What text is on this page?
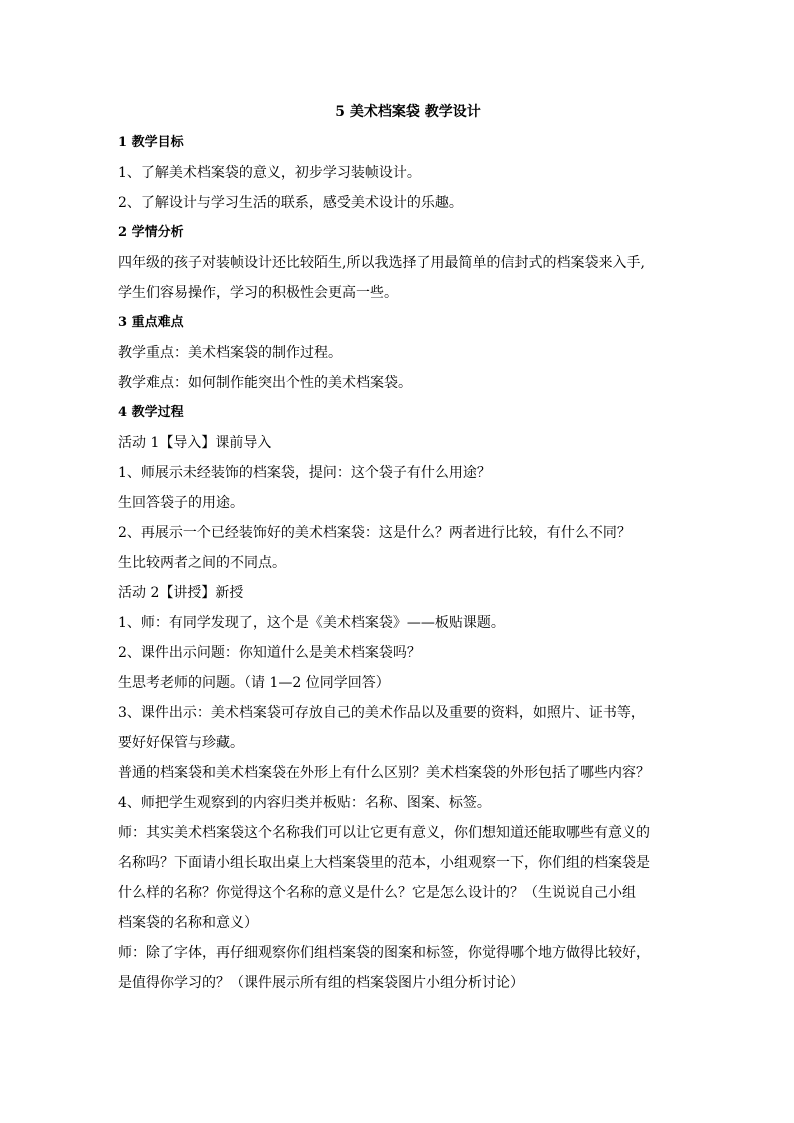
5 美术档案袋 教学设计
1 教学目标
1、了解美术档案袋的意义，初步学习装帧设计。
2、了解设计与学习生活的联系，感受美术设计的乐趣。
2 学情分析
四年级的孩子对装帧设计还比较陌生,所以我选择了用最简单的信封式的档案袋来入手,
学生们容易操作，学习的积极性会更高一些。
3 重点难点
教学重点：美术档案袋的制作过程。
教学难点：如何制作能突出个性的美术档案袋。
4 教学过程
活动 1【导入】课前导入
1、师展示未经装饰的档案袋，提问：这个袋子有什么用途？
生回答袋子的用途。
2、再展示一个已经装饰好的美术档案袋：这是什么？两者进行比较，有什么不同？
生比较两者之间的不同点。
活动 2【讲授】新授
1、师：有同学发现了，这个是《美术档案袋》——板贴课题。
2、课件出示问题：你知道什么是美术档案袋吗？
生思考老师的问题。（请 1—2 位同学回答）
3、课件出示：美术档案袋可存放自己的美术作品以及重要的资料，如照片、证书等，
要好好保管与珍藏。
普通的档案袋和美术档案袋在外形上有什么区别？美术档案袋的外形包括了哪些内容？
4、师把学生观察到的内容归类并板贴：名称、图案、标签。
师：其实美术档案袋这个名称我们可以让它更有意义，你们想知道还能取哪些有意义的
名称吗？下面请小组长取出桌上大档案袋里的范本，小组观察一下，你们组的档案袋是
什么样的名称？你觉得这个名称的意义是什么？它是怎么设计的？（生说说自己小组
档案袋的名称和意义）
师：除了字体，再仔细观察你们组档案袋的图案和标签，你觉得哪个地方做得比较好，
是值得你学习的？（课件展示所有组的档案袋图片小组分析讨论）
